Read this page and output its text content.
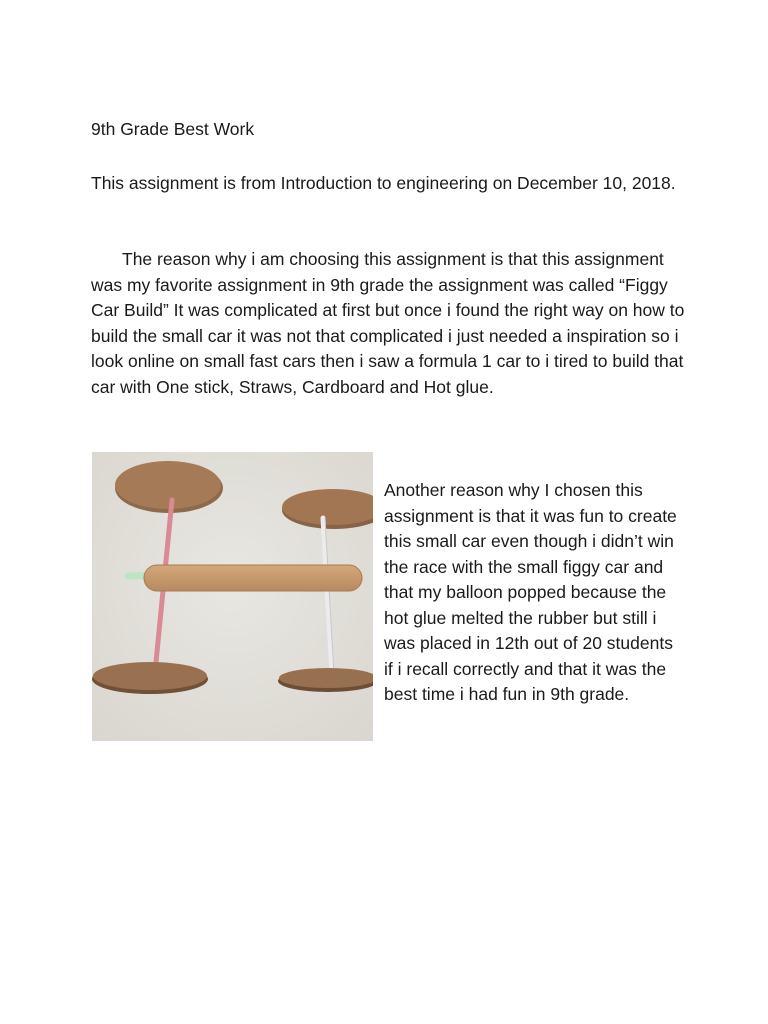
9th Grade Best Work

This assignment is from Introduction to engineering on December 10, 2018.

The reason why i am choosing this assignment is that this assignment was my favorite assignment in 9th grade the assignment was called “Figgy Car Build” It was complicated at first but once i found the right way on how to build the small car it was not that complicated i just needed a inspiration so i look online on small fast cars then i saw a formula 1 car to i tired to build that car with One stick, Straws, Cardboard and Hot glue.

Another reason why I chosen this assignment is that it was fun to create this small car even though i didn’t win the race with the small figgy car and that my balloon popped because the hot glue melted the rubber but still i was placed in 12th out of 20 students if i recall correctly and that it was the best time i had fun in 9th grade.
